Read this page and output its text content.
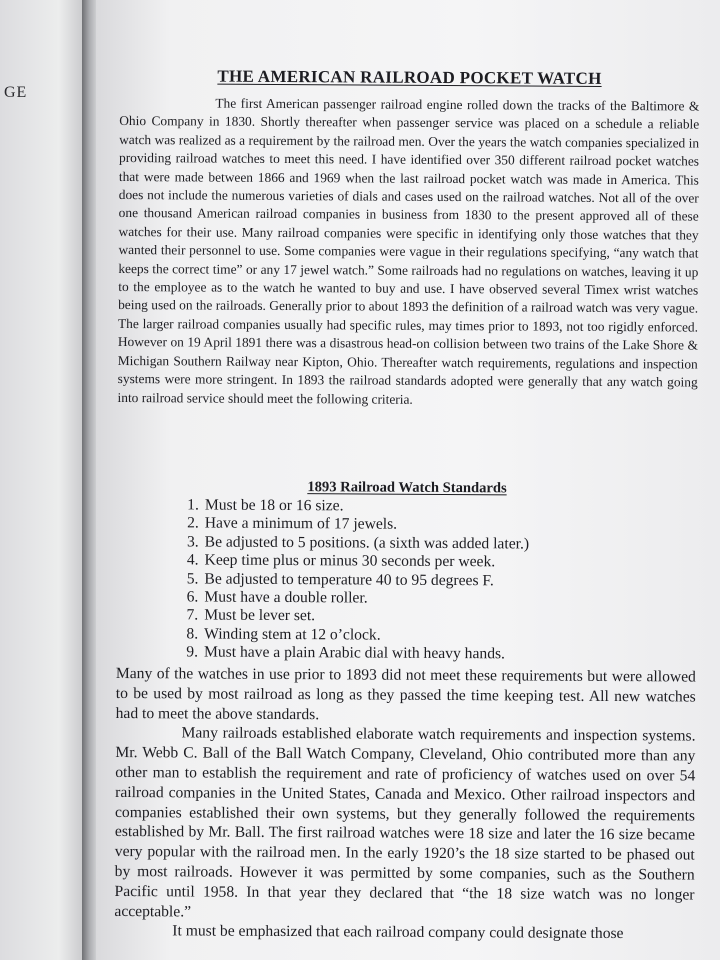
GE
THE AMERICAN RAILROAD POCKET WATCH

The first American passenger railroad engine rolled down the tracks of the Baltimore & Ohio Company in 1830. Shortly thereafter when passenger service was placed on a schedule a reliable watch was realized as a requirement by the railroad men. Over the years the watch companies specialized in providing railroad watches to meet this need. I have identified over 350 different railroad pocket watches that were made between 1866 and 1969 when the last railroad pocket watch was made in America. This does not include the numerous varieties of dials and cases used on the railroad watches. Not all of the over one thousand American railroad companies in business from 1830 to the present approved all of these watches for their use. Many railroad companies were specific in identifying only those watches that they wanted their personnel to use. Some companies were vague in their regulations specifying, “any watch that keeps the correct time” or any 17 jewel watch.” Some railroads had no regulations on watches, leaving it up to the employee as to the watch he wanted to buy and use. I have observed several Timex wrist watches being used on the railroads. Generally prior to about 1893 the definition of a railroad watch was very vague. The larger railroad companies usually had specific rules, may times prior to 1893, not too rigidly enforced. However on 19 April 1891 there was a disastrous head-on collision between two trains of the Lake Shore & Michigan Southern Railway near Kipton, Ohio. Thereafter watch requirements, regulations and inspection systems were more stringent. In 1893 the railroad standards adopted were generally that any watch going into railroad service should meet the following criteria.

1893 Railroad Watch Standards
1. Must be 18 or 16 size.
2. Have a minimum of 17 jewels.
3. Be adjusted to 5 positions. (a sixth was added later.)
4. Keep time plus or minus 30 seconds per week.
5. Be adjusted to temperature 40 to 95 degrees F.
6. Must have a double roller.
7. Must be lever set.
8. Winding stem at 12 o’clock.
9. Must have a plain Arabic dial with heavy hands.
Many of the watches in use prior to 1893 did not meet these requirements but were allowed to be used by most railroad as long as they passed the time keeping test. All new watches had to meet the above standards.
Many railroads established elaborate watch requirements and inspection systems. Mr. Webb C. Ball of the Ball Watch Company, Cleveland, Ohio contributed more than any other man to establish the requirement and rate of proficiency of watches used on over 54 railroad companies in the United States, Canada and Mexico. Other railroad inspectors and companies established their own systems, but they generally followed the requirements established by Mr. Ball. The first railroad watches were 18 size and later the 16 size became very popular with the railroad men. In the early 1920’s the 18 size started to be phased out by most railroads. However it was permitted by some companies, such as the Southern Pacific until 1958. In that year they declared that “the 18 size watch was no longer acceptable.”
It must be emphasized that each railroad company could designate those
